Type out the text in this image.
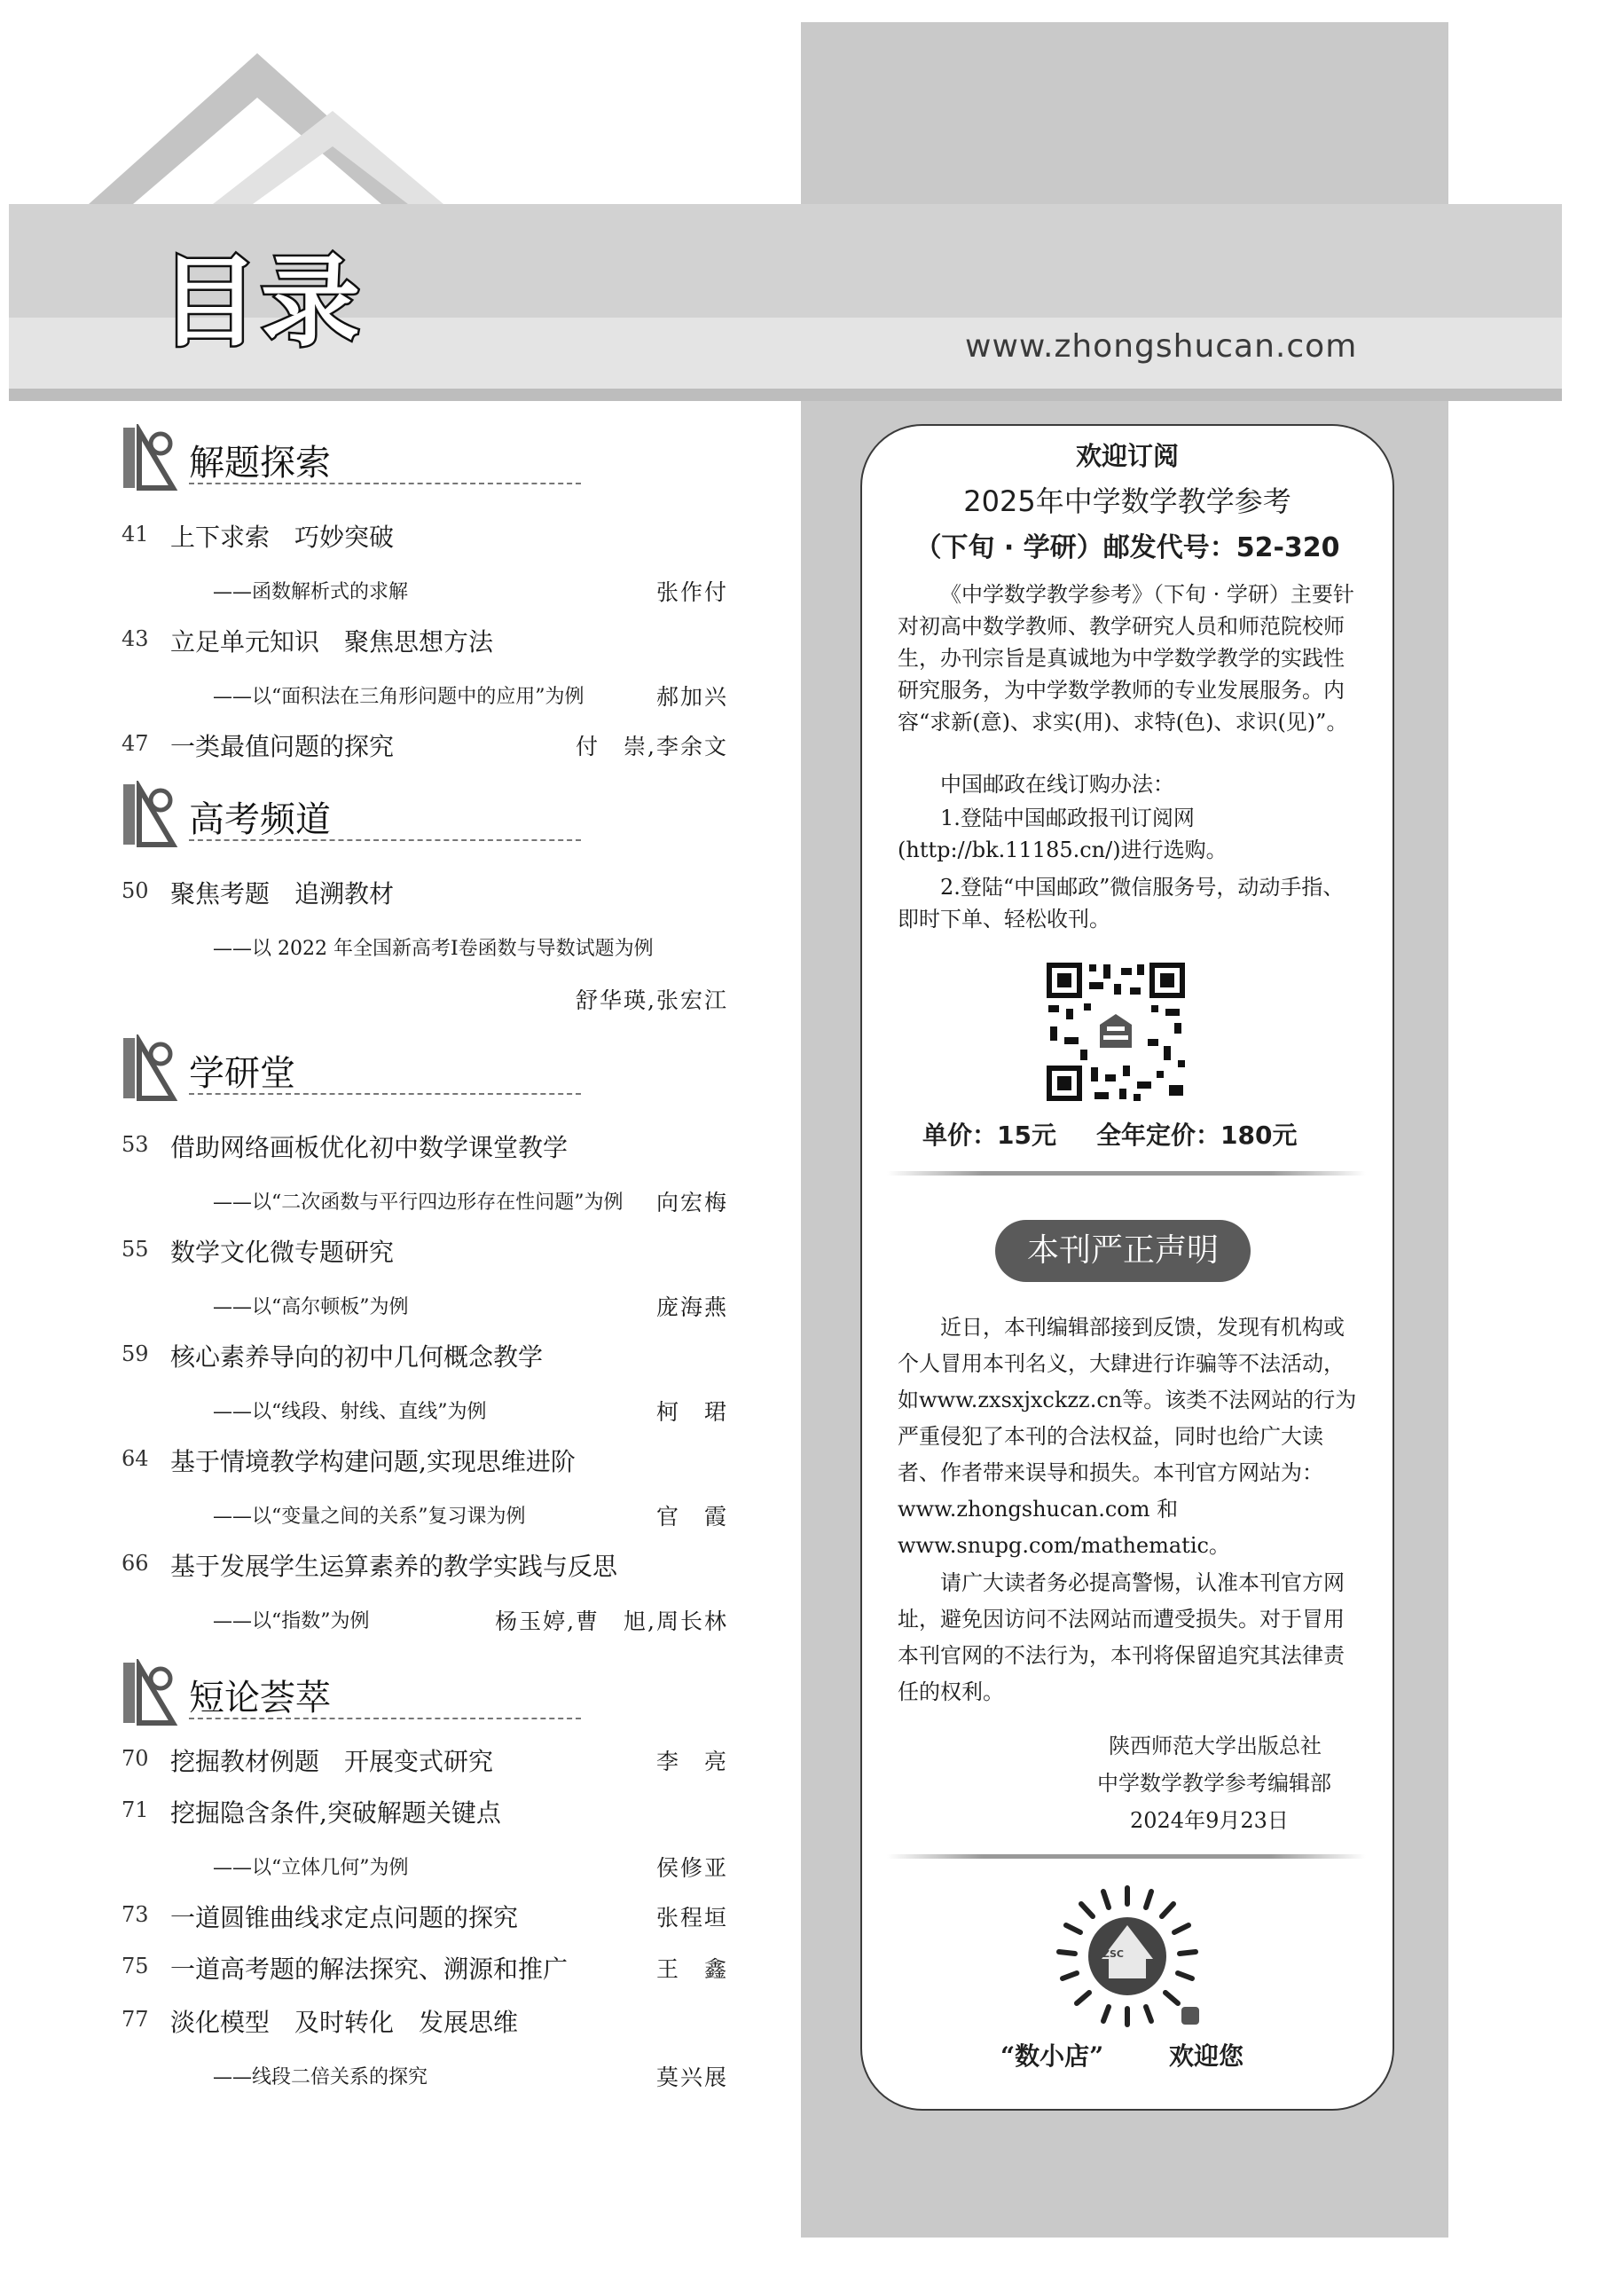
目录	www.zhongshucan.com
解题探索
41 上下求索　巧妙突破
——函数解析式的求解	张作付
43 立足单元知识　聚焦思想方法
——以“面积法在三角形问题中的应用”为例	郝加兴
47 一类最值问题的探究	付　崇,李余文
高考频道
50 聚焦考题　追溯教材
——以 2022 年全国新高考Ⅰ卷函数与导数试题为例
舒华瑛,张宏江
学研堂
53 借助网络画板优化初中数学课堂教学
——以“二次函数与平行四边形存在性问题”为例 向宏梅
55 数学文化微专题研究
——以“高尔顿板”为例	庞海燕
59 核心素养导向的初中几何概念教学
——以“线段、射线、直线”为例	柯　珺
64 基于情境教学构建问题,实现思维进阶
——以“变量之间的关系”复习课为例	官　霞
66 基于发展学生运算素养的教学实践与反思
——以“指数”为例	杨玉婷,曹　旭,周长林
短论荟萃
70 挖掘教材例题　开展变式研究	李　亮
71 挖掘隐含条件,突破解题关键点
——以“立体几何”为例	侯修亚
73 一道圆锥曲线求定点问题的探究	张程垣
75 一道高考题的解法探究、溯源和推广	王　鑫
77 淡化模型　及时转化　发展思维
——线段二倍关系的探究	莫兴展
欢迎订阅
2025年中学数学教学参考
（下旬 · 学研）邮发代号：52-320
《中学数学教学参考》（下旬 · 学研）主要针对初高中数学教师、教学研究人员和师范院校师生，办刊宗旨是真诚地为中学数学教学的实践性研究服务，为中学数学教师的专业发展服务。内容“求新(意)、求实(用)、求特(色)、求识(见)”。
中国邮政在线订购办法：
1.登陆中国邮政报刊订阅网(http://bk.11185.cn/)进行选购。
2.登陆“中国邮政”微信服务号，动动手指、即时下单、轻松收刊。
单价：15元 全年定价：180元
本刊严正声明
近日，本刊编辑部接到反馈，发现有机构或个人冒用本刊名义，大肆进行诈骗等不法活动，如www.zxsxjxckzz.cn等。该类不法网站的行为严重侵犯了本刊的合法权益，同时也给广大读者、作者带来误导和损失。本刊官方网站为：www.zhongshucan.com 和 www.snupg.com/mathematic。
请广大读者务必提高警惕，认准本刊官方网址，避免因访问不法网站而遭受损失。对于冒用本刊官网的不法行为，本刊将保留追究其法律责任的权利。
陕西师范大学出版总社
中学数学教学参考编辑部
2024年9月23日
ZSC
“数小店”	欢迎您
